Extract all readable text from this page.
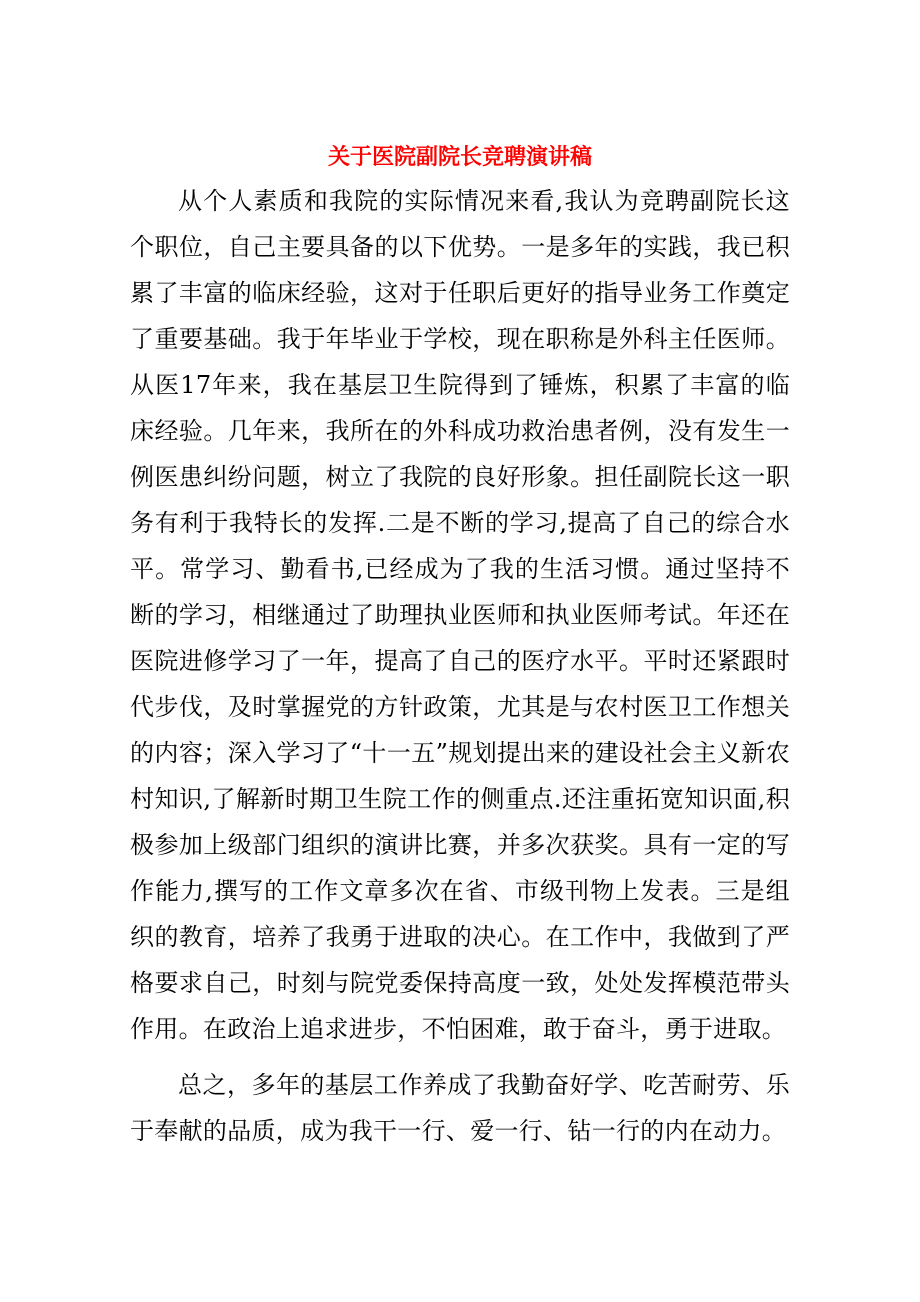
关于医院副院长竞聘演讲稿

从个人素质和我院的实际情况来看,我认为竞聘副院长这个职位，自己主要具备的以下优势。一是多年的实践，我已积累了丰富的临床经验，这对于任职后更好的指导业务工作奠定了重要基础。我于年毕业于学校，现在职称是外科主任医师。从医17年来，我在基层卫生院得到了锤炼，积累了丰富的临床经验。几年来，我所在的外科成功救治患者例，没有发生一例医患纠纷问题，树立了我院的良好形象。担任副院长这一职务有利于我特长的发挥.二是不断的学习,提高了自己的综合水平。常学习、勤看书,已经成为了我的生活习惯。通过坚持不断的学习，相继通过了助理执业医师和执业医师考试。年还在医院进修学习了一年，提高了自己的医疗水平。平时还紧跟时代步伐，及时掌握党的方针政策，尤其是与农村医卫工作想关的内容；深入学习了“十一五”规划提出来的建设社会主义新农村知识,了解新时期卫生院工作的侧重点.还注重拓宽知识面,积极参加上级部门组织的演讲比赛，并多次获奖。具有一定的写作能力,撰写的工作文章多次在省、市级刊物上发表。三是组织的教育，培养了我勇于进取的决心。在工作中，我做到了严格要求自己，时刻与院党委保持高度一致，处处发挥模范带头作用。在政治上追求进步，不怕困难，敢于奋斗，勇于进取。

总之，多年的基层工作养成了我勤奋好学、吃苦耐劳、乐于奉献的品质，成为我干一行、爱一行、钻一行的内在动力。
